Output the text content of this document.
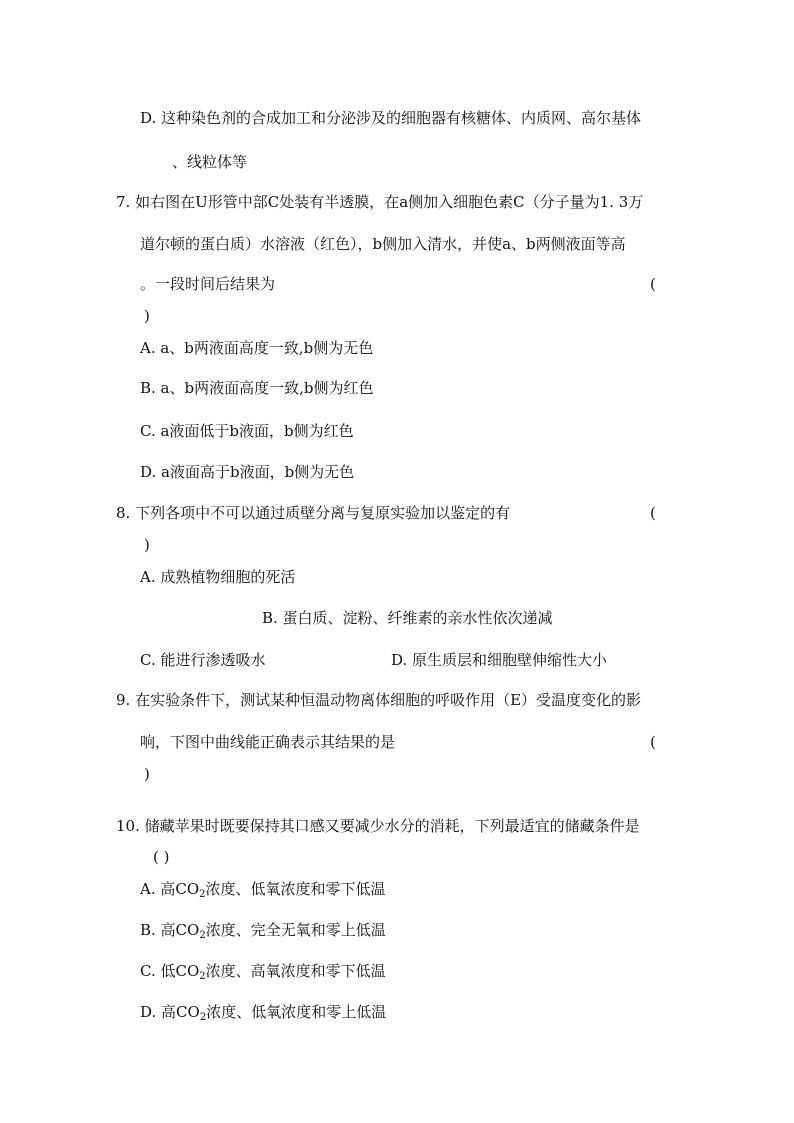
D. 这种染色剂的合成加工和分泌涉及的细胞器有核糖体、内质网、高尔基体
、线粒体等
7. 如右图在U形管中部C处装有半透膜，在a侧加入细胞色素C（分子量为1. 3万
道尔顿的蛋白质）水溶液（红色），b侧加入清水，并使a、b两侧液面等高
。一段时间后结果为	(
)
A. a、b两液面高度一致,b侧为无色
B. a、b两液面高度一致,b侧为红色
C. a液面低于b液面，b侧为红色
D. a液面高于b液面，b侧为无色
8. 下列各项中不可以通过质壁分离与复原实验加以鉴定的有	(
)
A. 成熟植物细胞的死活
B. 蛋白质、淀粉、纤维素的亲水性依次递减
C. 能进行渗透吸水	D. 原生质层和细胞壁伸缩性大小
9. 在实验条件下，测试某种恒温动物离体细胞的呼吸作用（E）受温度变化的影
响，下图中曲线能正确表示其结果的是	(
)
10. 储藏苹果时既要保持其口感又要减少水分的消耗，下列最适宜的储藏条件是
( )
A. 高$CO_2$浓度、低氧浓度和零下低温
B. 高$CO_2$浓度、完全无氧和零上低温
C. 低$CO_2$浓度、高氧浓度和零下低温
D. 高$CO_2$浓度、低氧浓度和零上低温
